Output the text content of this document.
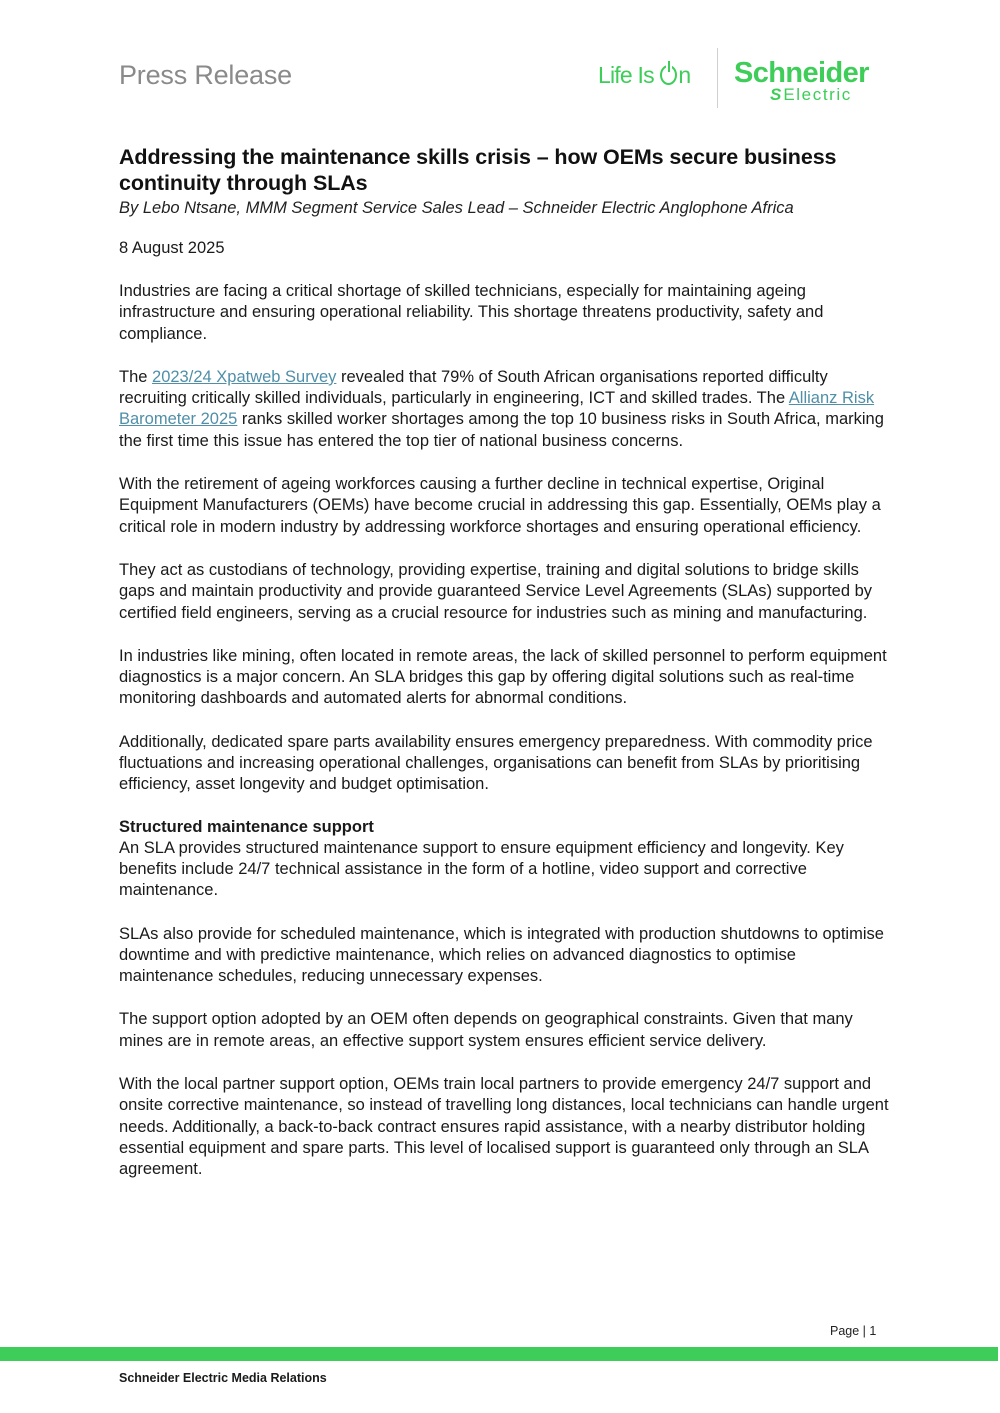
Press Release	Life Is n Schneider
S Electric
Addressing the maintenance skills crisis – how OEMs secure business continuity through SLAs
By Lebo Ntsane, MMM Segment Service Sales Lead – Schneider Electric Anglophone Africa
8 August 2025

Industries are facing a critical shortage of skilled technicians, especially for maintaining ageing infrastructure and ensuring operational reliability. This shortage threatens productivity, safety and compliance.

The 2023/24 Xpatweb Survey revealed that 79% of South African organisations reported difficulty recruiting critically skilled individuals, particularly in engineering, ICT and skilled trades. The Allianz Risk Barometer 2025 ranks skilled worker shortages among the top 10 business risks in South Africa, marking the first time this issue has entered the top tier of national business concerns.

With the retirement of ageing workforces causing a further decline in technical expertise, Original Equipment Manufacturers (OEMs) have become crucial in addressing this gap. Essentially, OEMs play a critical role in modern industry by addressing workforce shortages and ensuring operational efficiency.

They act as custodians of technology, providing expertise, training and digital solutions to bridge skills gaps and maintain productivity and provide guaranteed Service Level Agreements (SLAs) supported by certified field engineers, serving as a crucial resource for industries such as mining and manufacturing.

In industries like mining, often located in remote areas, the lack of skilled personnel to perform equipment diagnostics is a major concern. An SLA bridges this gap by offering digital solutions such as real-time monitoring dashboards and automated alerts for abnormal conditions.

Additionally, dedicated spare parts availability ensures emergency preparedness. With commodity price fluctuations and increasing operational challenges, organisations can benefit from SLAs by prioritising efficiency, asset longevity and budget optimisation.

Structured maintenance support

An SLA provides structured maintenance support to ensure equipment efficiency and longevity. Key benefits include 24/7 technical assistance in the form of a hotline, video support and corrective maintenance.

SLAs also provide for scheduled maintenance, which is integrated with production shutdowns to optimise downtime and with predictive maintenance, which relies on advanced diagnostics to optimise maintenance schedules, reducing unnecessary expenses.

The support option adopted by an OEM often depends on geographical constraints. Given that many mines are in remote areas, an effective support system ensures efficient service delivery.

With the local partner support option, OEMs train local partners to provide emergency 24/7 support and onsite corrective maintenance, so instead of travelling long distances, local technicians can handle urgent needs. Additionally, a back-to-back contract ensures rapid assistance, with a nearby distributor holding essential equipment and spare parts. This level of localised support is guaranteed only through an SLA agreement.

Page | 1
Schneider Electric Media Relations
